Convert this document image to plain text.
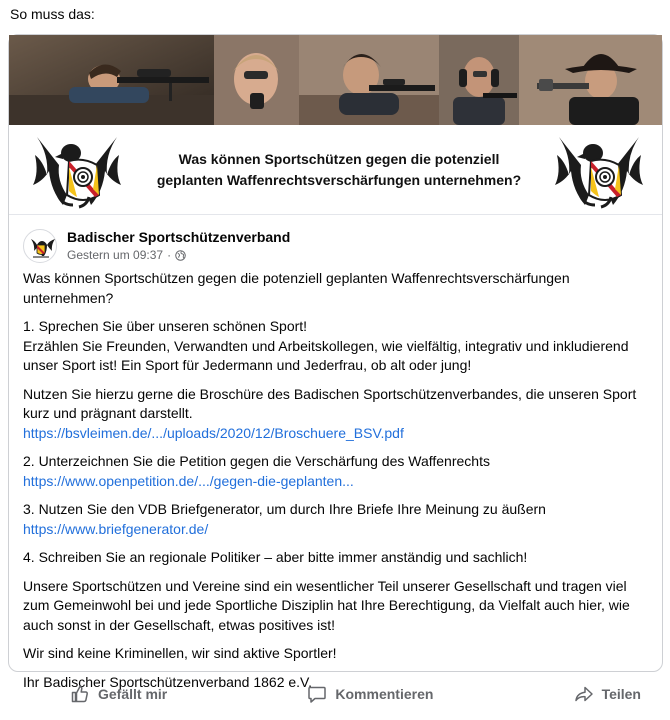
So muss das:
Was können Sportschützen gegen die potenziell
geplanten Waffenrechtsverschärfungen unternehmen?
Badischer Sportschützenverband
Gestern um 09:37 ·

Was können Sportschützen gegen die potenziell geplanten Waffenrechtsverschärfungen
unternehmen?

1. Sprechen Sie über unseren schönen Sport!
Erzählen Sie Freunden, Verwandten und Arbeitskollegen, wie vielfältig, integrativ und inkludierend
unser Sport ist! Ein Sport für Jedermann und Jederfrau, ob alt oder jung!

Nutzen Sie hierzu gerne die Broschüre des Badischen Sportschützenverbandes, die unseren Sport
kurz und prägnant darstellt.
https://bsvleimen.de/.../uploads/2020/12/Broschuere_BSV.pdf

2. Unterzeichnen Sie die Petition gegen die Verschärfung des Waffenrechts
https://www.openpetition.de/.../gegen-die-geplanten...

3. Nutzen Sie den VDB Briefgenerator, um durch Ihre Briefe Ihre Meinung zu äußern
https://www.briefgenerator.de/

4. Schreiben Sie an regionale Politiker – aber bitte immer anständig und sachlich!

Unsere Sportschützen und Vereine sind ein wesentlicher Teil unserer Gesellschaft und tragen viel
zum Gemeinwohl bei und jede Sportliche Disziplin hat Ihre Berechtigung, da Vielfalt auch hier, wie
auch sonst in der Gesellschaft, etwas positives ist!

Wir sind keine Kriminellen, wir sind aktive Sportler!

Ihr Badischer Sportschützenverband 1862 e.V.

Gefällt mir	Kommentieren	Teilen
